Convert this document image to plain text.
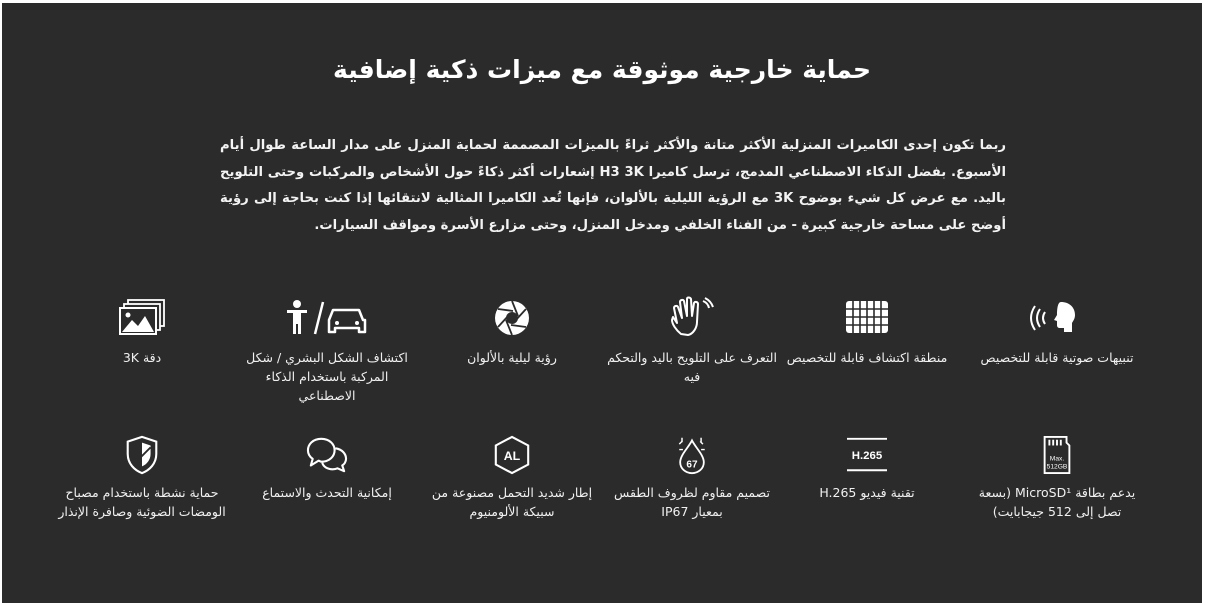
حماية خارجية موثوقة مع ميزات ذكية إضافية
ربما تكون إحدى الكاميرات المنزلية الأكثر متانة والأكثر ثراءً بالميزات المصممة لحماية المنزل على مدار الساعة طوال أيام الأسبوع. بفضل الذكاء الاصطناعي المدمج، ترسل كاميرا H3 3K إشعارات أكثر ذكاءً حول الأشخاص والمركبات وحتى التلويح باليد. مع عرض كل شيء بوضوح 3K مع الرؤية الليلية بالألوان، فإنها تُعد الكاميرا المثالية لانتقائها إذا كنت بحاجة إلى رؤية أوضح على مساحة خارجية كبيرة - من الفناء الخلفي ومدخل المنزل، وحتى مزارع الأسرة ومواقف السيارات.
تنبيهات صوتية قابلة للتخصيص
منطقة اكتشاف قابلة للتخصيص
التعرف على التلويح باليد والتحكم فيه
رؤية ليلية بالألوان
اكتشاف الشكل البشري / شكل المركبة باستخدام الذكاء الاصطناعي
دقة 3K
Max.
512GB
يدعم بطاقة MicroSD¹ (بسعة تصل إلى 512 جيجابايت)
H.265
تقنية فيديو H.265
67
تصميم مقاوم لظروف الطقس بمعيار IP67
AL
إطار شديد التحمل مصنوعة من سبيكة الألومنيوم
إمكانية التحدث والاستماع
حماية نشطة باستخدام مصباح الومضات الضوئية وصافرة الإنذار
